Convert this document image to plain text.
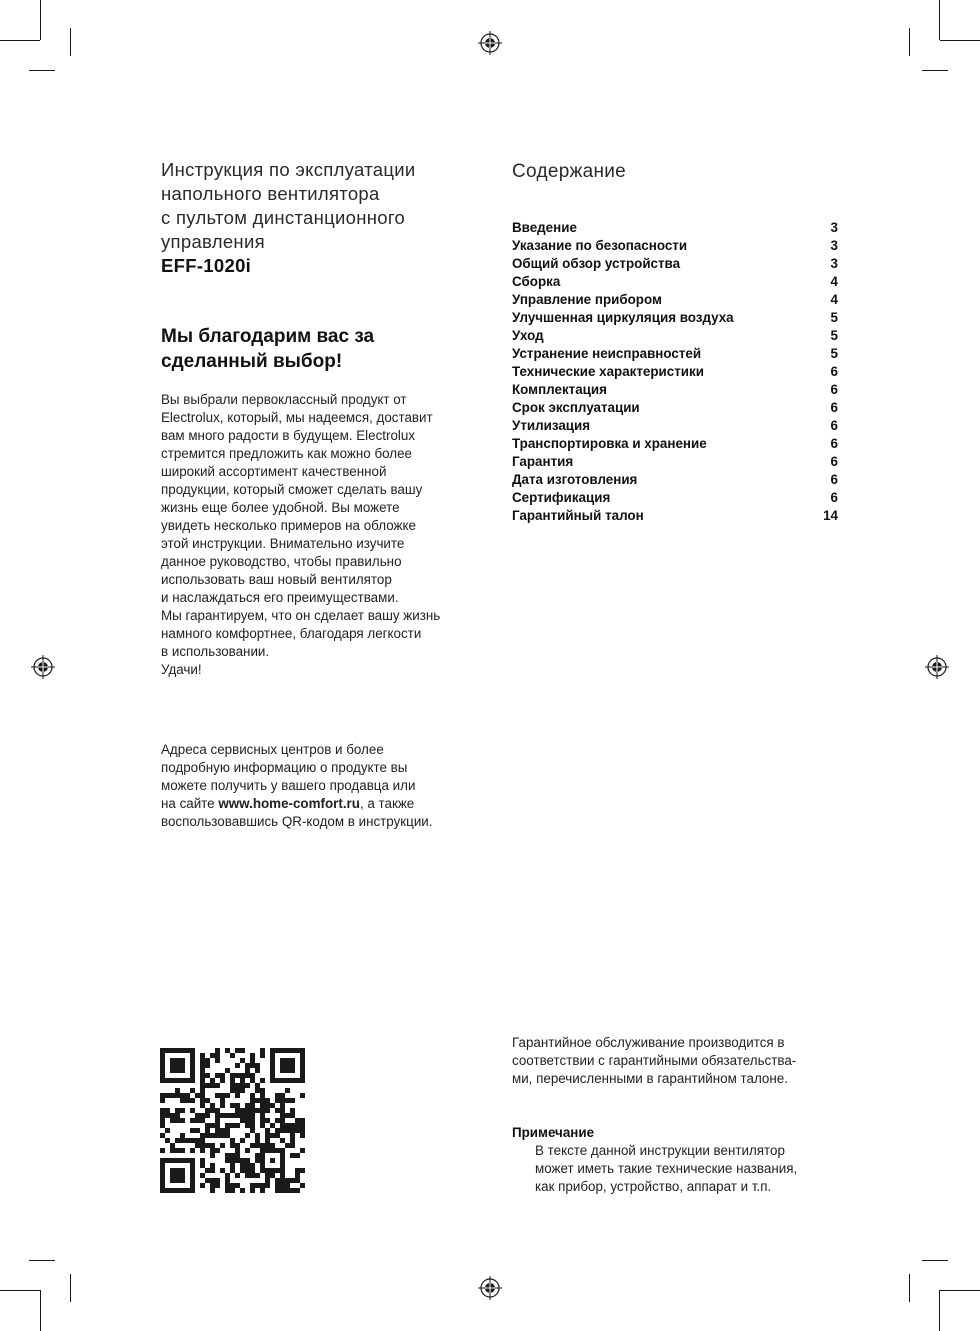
Инструкция по эксплуатации
напольного вентилятора
с пультом динстанционного
управления
EFF-1020i
Мы благодарим вас за
сделанный выбор!
Вы выбрали первоклассный продукт от
Electrolux, который, мы надеемся, доставит
вам много радости в будущем. Electrolux
стремится предложить как можно более
широкий ассортимент качественной
продукции, который сможет сделать вашу
жизнь еще более удобной. Вы можете
увидеть несколько примеров на обложке
этой инструкции. Внимательно изучите
данное руководство, чтобы правильно
использовать ваш новый вентилятор
и наслаждаться его преимуществами.
Мы гарантируем, что он сделает вашу жизнь
намного комфортнее, благодаря легкости
в использовании.
Удачи!
Адреса сервисных центров и более
подробную информацию о продукте вы
можете получить у вашего продавца или
на сайте www.home-comfort.ru, а также
воспользовавшись QR-кодом в инструкции.
Содержание
Введение	3
Указание по безопасности	3
Общий обзор устройства	3
Сборка	4
Управление прибором	4
Улучшенная циркуляция воздуха	5
Уход	5
Устранение неисправностей	5
Технические характеристики	6
Комплектация	6
Срок эксплуатации	6
Утилизация	6
Транспортировка и хранение	6
Гарантия	6
Дата изготовления	6
Сертификация	6
Гарантийный талон	14
Гарантийное обслуживание производится в
соответствии с гарантийными обязательства-
ми, перечисленными в гарантийном талоне.
Примечание
В тексте данной инструкции вентилятор
может иметь такие технические названия,
как прибор, устройство, аппарат и т.п.
